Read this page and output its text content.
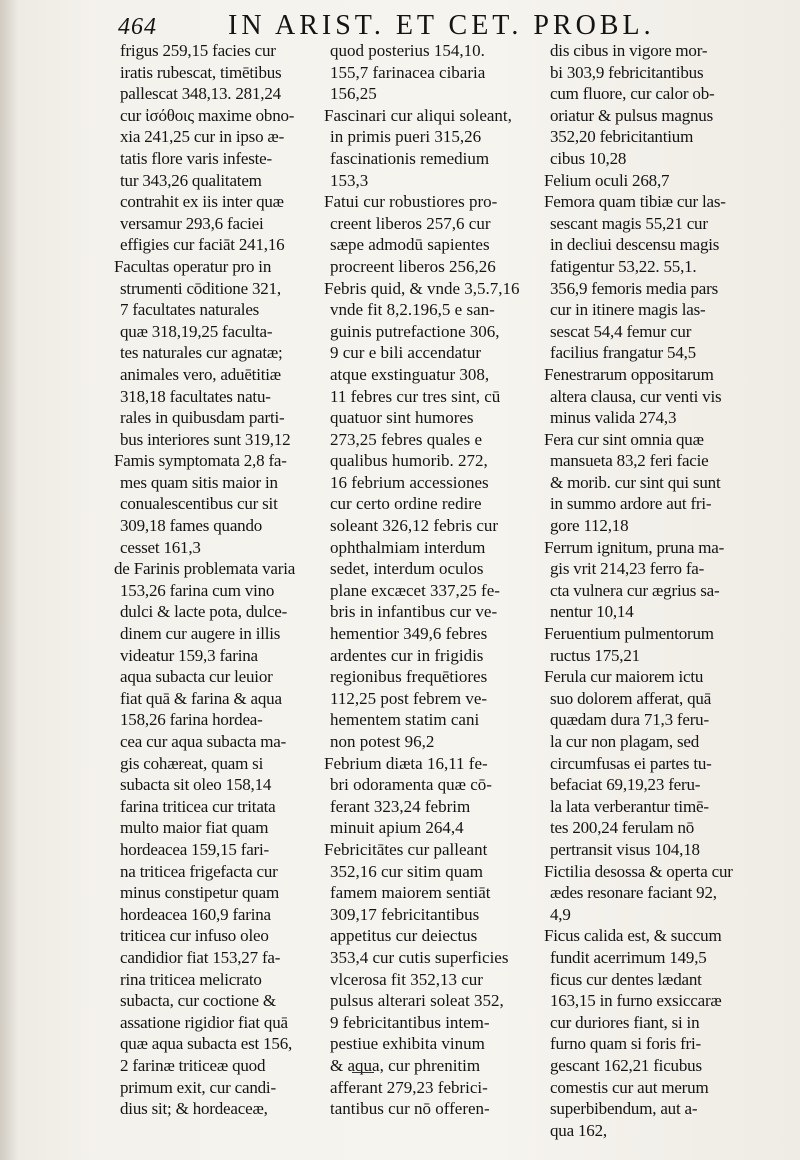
464	IN ARIST. ET CET. PROBL.
frigus 259,15 facies cur
iratis rubescat, timētibus
pallescat 348,13. 281,24
cur ἰσόθοις maxime obno-
xia 241,25 cur in ipso æ-
tatis flore varis infeste-
tur 343,26 qualitatem
contrahit ex iis inter quæ
versamur 293,6 faciei
effigies cur faciāt 241,16
Facultas operatur pro in
strumenti cōditione 321,
7 facultates naturales
quæ 318,19,25 faculta-
tes naturales cur agnatæ;
animales vero, aduētitiæ
318,18 facultates natu-
rales in quibusdam parti-
bus interiores sunt 319,12
Famis symptomata 2,8 fa-
mes quam sitis maior in
conualescentibus cur sit
309,18 fames quando
cesset 161,3
de Farinis problemata varia
153,26 farina cum vino
dulci & lacte pota, dulce-
dinem cur augere in illis
videatur 159,3 farina
aqua subacta cur leuior
fiat quā & farina & aqua
158,26 farina hordea-
cea cur aqua subacta ma-
gis cohæreat, quam si
subacta sit oleo 158,14
farina triticea cur tritata
multo maior fiat quam
hordeacea 159,15 fari-
na triticea frigefacta cur
minus constipetur quam
hordeacea 160,9 farina
triticea cur infuso oleo
candidior fiat 153,27 fa-
rina triticea melicrato
subacta, cur coctione &
assatione rigidior fiat quā
quæ aqua subacta est 156,
2 farinæ triticeæ quod
primum exit, cur candi-
dius sit; & hordeaceæ,
quod posterius 154,10.
155,7 farinacea cibaria
156,25
Fascinari cur aliqui soleant,
in primis pueri 315,26
fascinationis remedium
153,3
Fatui cur robustiores pro-
creent liberos 257,6 cur
sæpe admodū sapientes
procreent liberos 256,26
Febris quid, & vnde 3,5.7,16
vnde fit 8,2.196,5 e san-
guinis putrefactione 306,
9 cur e bili accendatur
atque exstinguatur 308,
11 febres cur tres sint, cū
quatuor sint humores
273,25 febres quales e
qualibus humorib. 272,
16 febrium accessiones
cur certo ordine redire
soleant 326,12 febris cur
ophthalmiam interdum
sedet, interdum oculos
plane excæcet 337,25 fe-
bris in infantibus cur ve-
hementior 349,6 febres
ardentes cur in frigidis
regionibus frequētiores
112,25 post febrem ve-
hementem statim cani
non potest 96,2
Febrium diæta 16,11 fe-
bri odoramenta quæ cō-
ferant 323,24 febrim
minuit apium 264,4
Febricitātes cur palleant
352,16 cur sitim quam
famem maiorem sentiāt
309,17 febricitantibus
appetitus cur deiectus
353,4 cur cutis superficies
vlcerosa fit 352,13 cur
pulsus alterari soleat 352,
9 febricitantibus intem-
pestiue exhibita vinum
& aqua, cur phrenitim
afferant 279,23 febrici-
tantibus cur nō offeren-
dis cibus in vigore mor-
bi 303,9 febricitantibus
cum fluore, cur calor ob-
oriatur & pulsus magnus
352,20 febricitantium
cibus 10,28
Felium oculi 268,7
Femora quam tibiæ cur las-
sescant magis 55,21 cur
in decliui descensu magis
fatigentur 53,22. 55,1.
356,9 femoris media pars
cur in itinere magis las-
sescat 54,4 femur cur
facilius frangatur 54,5
Fenestrarum oppositarum
altera clausa, cur venti vis
minus valida 274,3
Fera cur sint omnia quæ
mansueta 83,2 feri facie
& morib. cur sint qui sunt
in summo ardore aut fri-
gore 112,18
Ferrum ignitum, pruna ma-
gis vrit 214,23 ferro fa-
cta vulnera cur ægrius sa-
nentur 10,14
Feruentium pulmentorum
ructus 175,21
Ferula cur maiorem ictu
suo dolorem afferat, quā
quædam dura 71,3 feru-
la cur non plagam, sed
circumfusas ei partes tu-
befaciat 69,19,23 feru-
la lata verberantur timē-
tes 200,24 ferulam nō
pertransit visus 104,18
Fictilia desossa & operta cur
ædes resonare faciant 92,
4,9
Ficus calida est, & succum
fundit acerrimum 149,5
ficus cur dentes lædant
163,15 in furno exsiccaræ
cur duriores fiant, si in
furno quam si foris fri-
gescant 162,21 ficubus
comestis cur aut merum
superbibendum, aut a-
qua 162,
